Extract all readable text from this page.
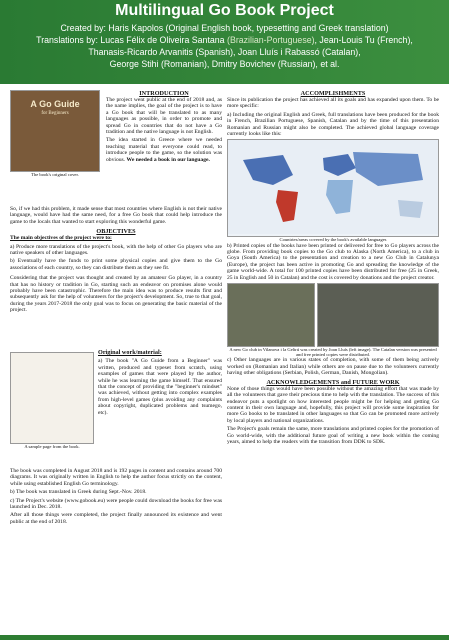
Multilingual Go Book Project
Created by: Haris Kapolos (Original English book, typesetting and Greek translation)
Translations by: Lucas Félix de Oliveira Santana (Brazilian-Portuguese), Jean-Louis Tu (French),
Thanasis-Ricardo Arvanitis (Spanish), Joan Lluís i Rabassó (Catalan),
George Stihi (Romanian), Dmitry Bovichev (Russian), et al.
A Go Guide
for Beginners
The book's original cover.
INTRODUCTION

The project went public at the end of 2018 and, as the name implies, the goal of the project is to have a Go book that will be translated to as many languages as possible, in order to promote and spread Go in countries that do not have a Go tradition and the native language is not English.

The idea started in Greece where we needed teaching material that everyone could read, to introduce people to the game, so the solution was obvious. We needed a book in our language.

So, if we had this problem, it made sense that most countries where English is not their native language, would have had the same need, for a free Go book that could help introduce the game to the locals that wanted to start exploring this wonderful game.

OBJECTIVES

The main objectives of the project were to:

a) Produce more translations of the project's book, with the help of other Go players who are native speakers of other languages.

b) Eventually have the funds to print some physical copies and give them to the Go associations of each country, so they can distribute them as they see fit.

Considering that the project was thought and created by an amateur Go player, in a country that has no history or tradition in Go, starting such an endeavor on promises alone would probably have been catastrophic. Therefore the main idea was to produce results first and subsequently ask for the help of volunteers for the project's development. So, true to that goal, during the years 2017-2018 the only goal was to focus on generating the basic material of the project.

A sample page from the book.

Original work/material:

a) The book "A Go Guide from a Beginner" was written, produced and typeset from scratch, using examples of games that were played by the author, while he was learning the game himself. That ensured that the concept of providing the "beginner's mindset" was achieved, without getting into complex examples from high-level games (plus avoiding any complaints about copyright, duplicated problems and tsumego, etc).

The book was completed in August 2018 and is 192 pages in content and contains around 700 diagrams. It was originally written in English to help the author focus strictly on the content, while using established English Go terminology.

b) The book was translated in Greek during Sept.-Nov. 2018.

c) The Project's website (www.gobook.eu) were people could download the books for free was launched in Dec. 2018.

After all those things were completed, the project finally announced its existence and went public at the end of 2018.

ACCOMPLISHMENTS

Since its publication the project has achieved all its goals and has expanded upon them. To be more specific:

a) Including the original English and Greek, full translations have been produced for the book in French, Brazilian Portuguese, Spanish, Catalan and by the time of this presentation Romanian and Russian might also be completed. The achieved global language coverage currently looks like this:

Countries/areas covered by the book's available languages

b) Printed copies of the books have been printed or delivered for free to Go players across the globe. From providing book copies to the Go club to Alaska (North America), to a club in Goya (South America) to the presentation and creation to a new Go Club in Catalunya (Europe), the project has been active in promoting Go and spreading the knowledge of the game world-wide. A total for 100 printed copies have been distributed for free (25 in Greek, 25 in English and 50 in Catalan) and the cost is covered by donations and the project creator.

A new Go club in Vilanova i la Geltrú was created by Joan Lluís (left image). The Catalan version was presented and free printed copies were distributed.

c) Other languages are in various states of completion, with some of them being actively worked on (Romanian and Italian) while others are on pause due to the volunteers currently having other obligations (Serbian, Polish, German, Danish, Mongolian).

ACKNOWLEDGEMENTS and FUTURE WORK

None of those things would have been possible without the amazing effort that was made by all the volunteers that gave their precious time to help with the translation. The success of this endeavor puts a spotlight on how interested people might be for helping and getting Go content in their own language and, hopefully, this project will provide some inspiration for more Go books to be translated in other languages so that Go can be promoted more actively by local players and national organizations.

The Project's goals remain the same, more translations and printed copies for the promotion of Go world-wide, with the additional future goal of writing a new book within the coming years, aimed to help the readers with the transition from DDK to SDK.
